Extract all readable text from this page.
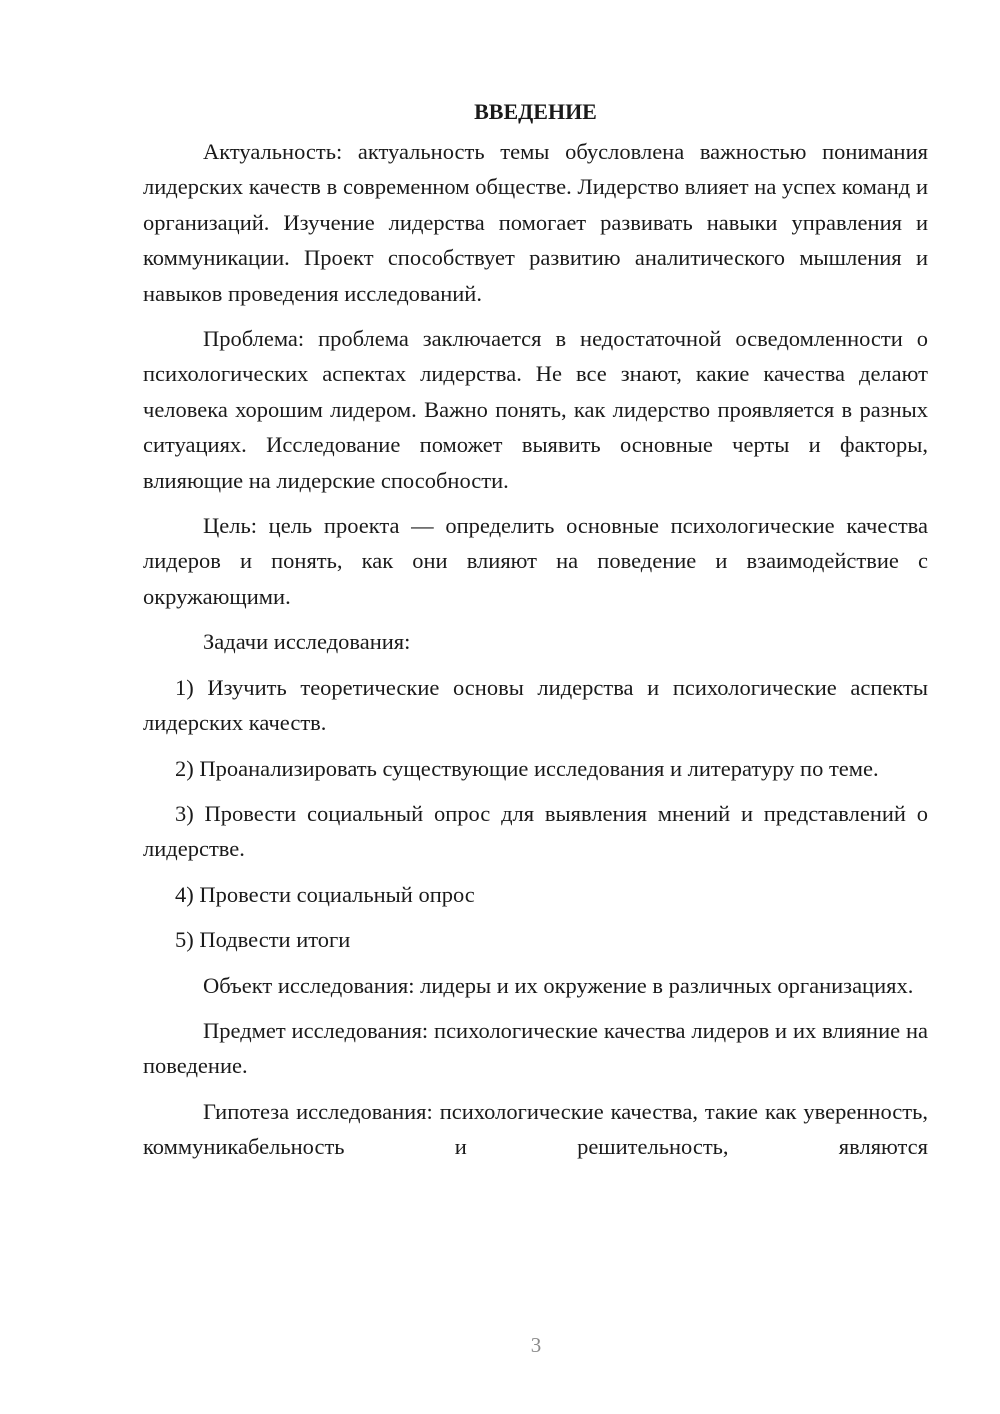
ВВЕДЕНИЕ

Актуальность: актуальность темы обусловлена важностью понимания лидерских качеств в современном обществе. Лидерство влияет на успех команд и организаций. Изучение лидерства помогает развивать навыки управления и коммуникации. Проект способствует развитию аналитического мышления и навыков проведения исследований.

Проблема: проблема заключается в недостаточной осведомленности о психологических аспектах лидерства. Не все знают, какие качества делают человека хорошим лидером. Важно понять, как лидерство проявляется в разных ситуациях. Исследование поможет выявить основные черты и факторы, влияющие на лидерские способности.

Цель: цель проекта — определить основные психологические качества лидеров и понять, как они влияют на поведение и взаимодействие с окружающими.

Задачи исследования:

1) Изучить теоретические основы лидерства и психологические аспекты лидерских качеств.

2) Проанализировать существующие исследования и литературу по теме.

3) Провести социальный опрос для выявления мнений и представлений о лидерстве.

4) Провести социальный опрос

5) Подвести итоги

Объект исследования: лидеры и их окружение в различных организациях.

Предмет исследования: психологические качества лидеров и их влияние на поведение.

Гипотеза исследования: психологические качества, такие как уверенность, коммуникабельность и решительность, являются

3
